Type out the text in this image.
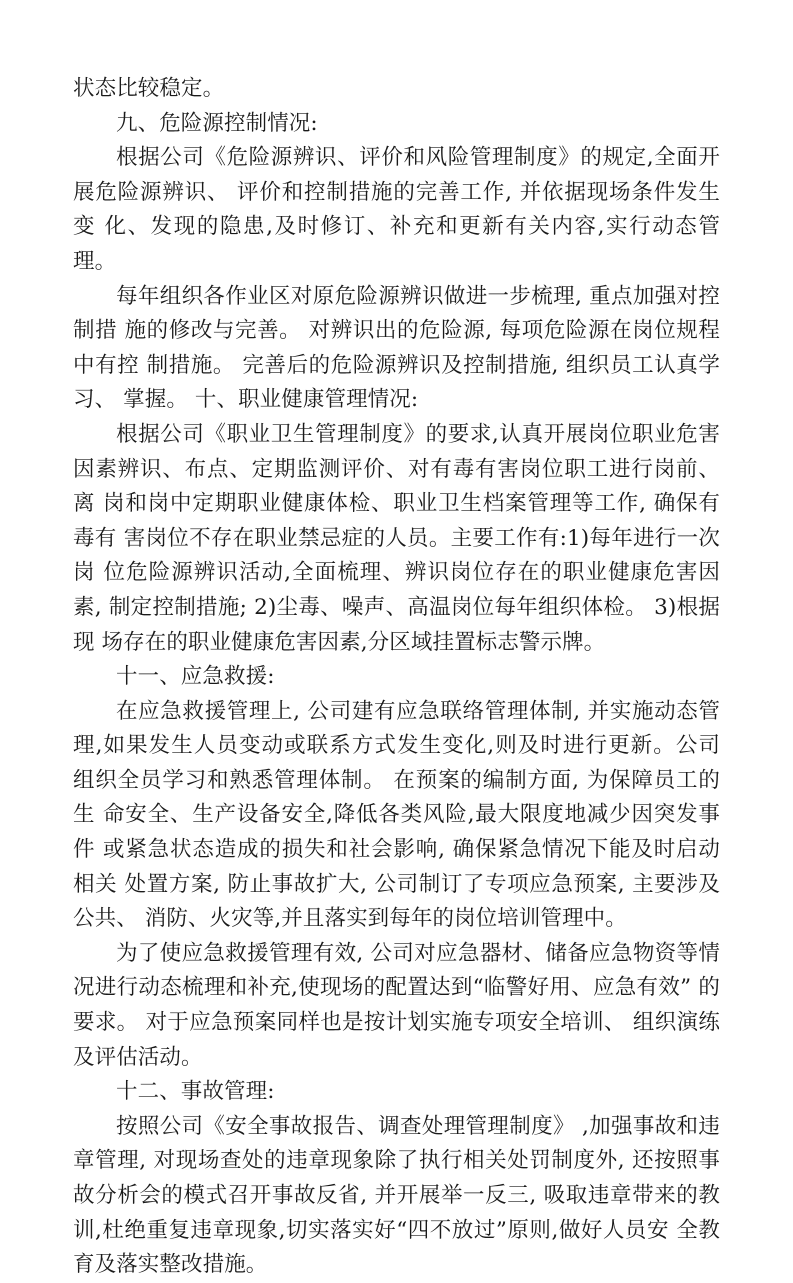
状态比较稳定。

九、危险源控制情况:

根据公司《危险源辨识、评价和风险管理制度》的规定,全面开 展危险源辨识、 评价和控制措施的完善工作, 并依据现场条件发生变 化、发现的隐患,及时修订、补充和更新有关内容,实行动态管理。

每年组织各作业区对原危险源辨识做进一步梳理, 重点加强对控制措 施的修改与完善。 对辨识出的危险源, 每项危险源在岗位规程中有控 制措施。 完善后的危险源辨识及控制措施, 组织员工认真学习、 掌握。 十、职业健康管理情况:

根据公司《职业卫生管理制度》的要求,认真开展岗位职业危害 因素辨识、布点、定期监测评价、对有毒有害岗位职工进行岗前、离 岗和岗中定期职业健康体检、职业卫生档案管理等工作, 确保有毒有 害岗位不存在职业禁忌症的人员。主要工作有:1)每年进行一次岗 位危险源辨识活动,全面梳理、辨识岗位存在的职业健康危害因素, 制定控制措施; 2)尘毒、噪声、高温岗位每年组织体检。 3)根据现 场存在的职业健康危害因素,分区域挂置标志警示牌。

十一、应急救援:

在应急救援管理上, 公司建有应急联络管理体制, 并实施动态管 理,如果发生人员变动或联系方式发生变化,则及时进行更新。公司 组织全员学习和熟悉管理体制。 在预案的编制方面, 为保障员工的生 命安全、生产设备安全,降低各类风险,最大限度地减少因突发事件 或紧急状态造成的损失和社会影响, 确保紧急情况下能及时启动相关 处置方案, 防止事故扩大, 公司制订了专项应急预案, 主要涉及公共、 消防、火灾等,并且落实到每年的岗位培训管理中。

为了使应急救援管理有效, 公司对应急器材、储备应急物资等情 况进行动态梳理和补充,使现场的配置达到“临警好用、应急有效” 的要求。 对于应急预案同样也是按计划实施专项安全培训、 组织演练 及评估活动。

十二、事故管理:

按照公司《安全事故报告、调查处理管理制度》 ,加强事故和违 章管理, 对现场查处的违章现象除了执行相关处罚制度外, 还按照事故分析会的模式召开事故反省, 并开展举一反三, 吸取违章带来的教 训,杜绝重复违章现象,切实落实好“四不放过”原则,做好人员安 全教育及落实整改措施。
